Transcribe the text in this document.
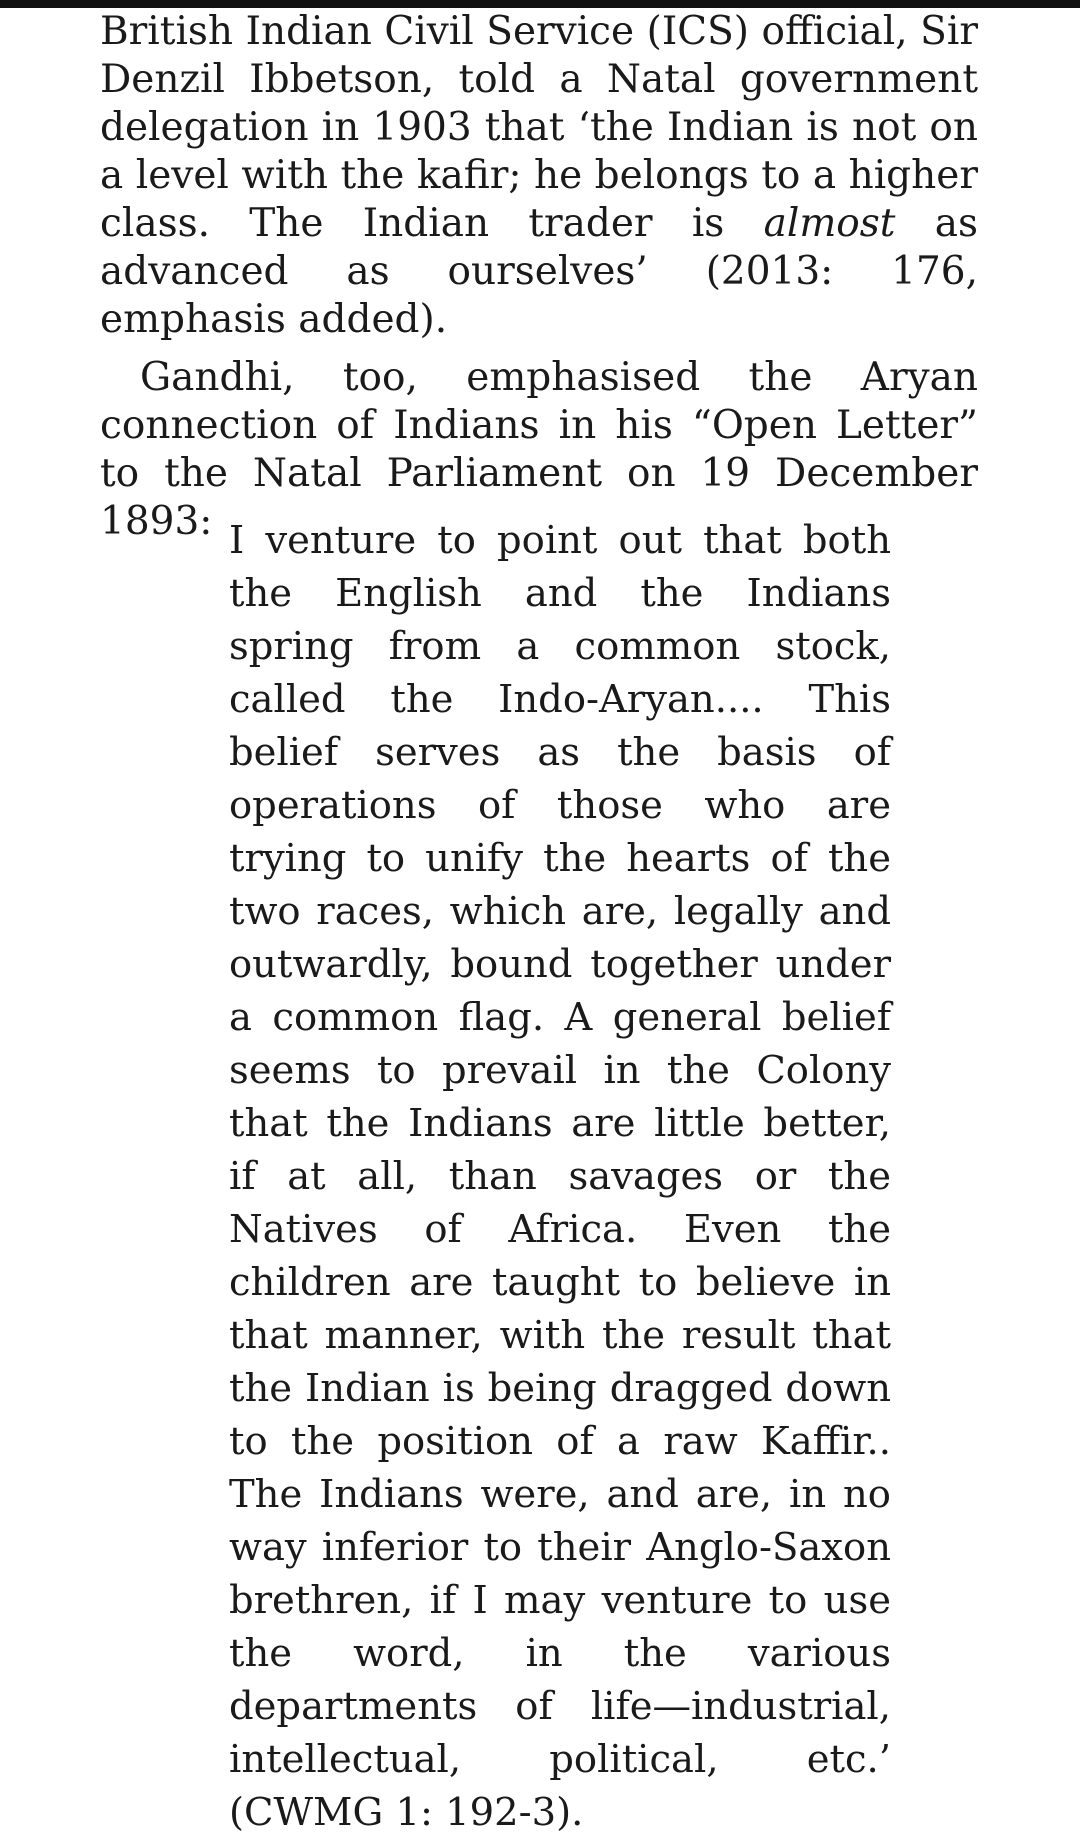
British Indian Civil Service (ICS) official, Sir Denzil Ibbetson, told a Natal government delegation in 1903 that ‘the Indian is not on a level with the kafir; he belongs to a higher class. The Indian trader is almost as advanced as ourselves’ (2013: 176, emphasis added).

Gandhi, too, emphasised the Aryan connection of Indians in his “Open Letter” to the Natal Parliament on 19 December 1893: I venture to point out that both the English and the Indians spring from a common stock, called the Indo-Aryan.... This belief serves as the basis of operations of those who are trying to unify the hearts of the two races, which are, legally and outwardly, bound together under a common flag. A general belief seems to prevail in the Colony that the Indians are little better, if at all, than savages or the Natives of Africa. Even the children are taught to believe in that manner, with the result that the Indian is being dragged down to the position of a raw Kaffir.. The Indians were, and are, in no way inferior to their Anglo-Saxon brethren, if I may venture to use the word, in the various departments of life—industrial, intellectual, political, etc.’ (CWMG 1: 192-3).
